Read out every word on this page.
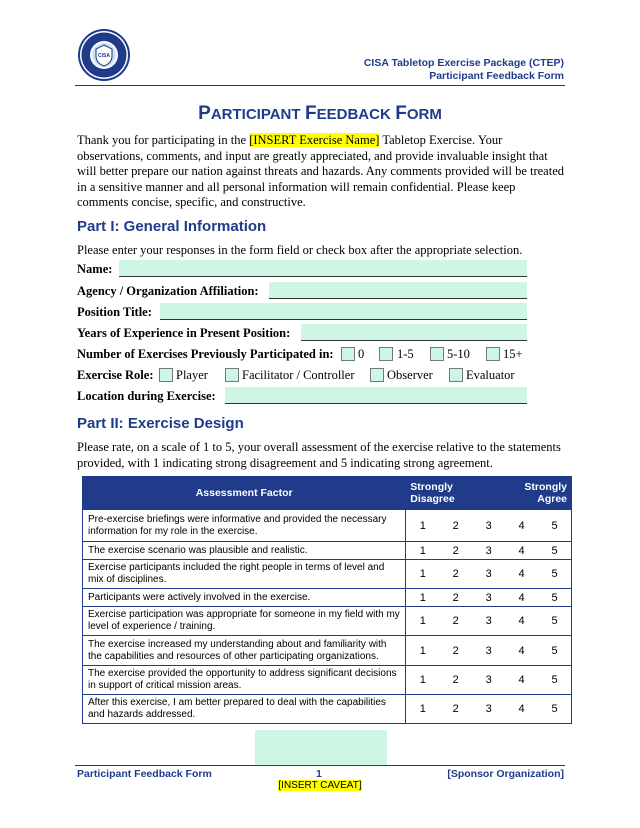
CISA
CISA Tabletop Exercise Package (CTEP)
Participant Feedback Form
PARTICIPANT FEEDBACK FORM
Thank you for participating in the [INSERT Exercise Name] Tabletop Exercise. Your observations, comments, and input are greatly appreciated, and provide invaluable insight that will better prepare our nation against threats and hazards. Any comments provided will be treated in a sensitive manner and all personal information will remain confidential. Please keep comments concise, specific, and constructive.
Part I: General Information
Please enter your responses in the form field or check box after the appropriate selection.
Name:
Agency / Organization Affiliation:
Position Title:
Years of Experience in Present Position:
Number of Exercises Previously Participated in: 0	1-5	5-10	15+
Exercise Role: Player	Facilitator / Controller	Observer	Evaluator
Location during Exercise:
Part II: Exercise Design
Please rate, on a scale of 1 to 5, your overall assessment of the exercise relative to the statements provided, with 1 indicating strong disagreement and 5 indicating strong agreement.
Assessment Factor	Strongly Disagree			Strongly Agree	
Pre-exercise briefings were informative and provided the necessary information for my role in the exercise.	1	2	3	4	5
The exercise scenario was plausible and realistic.	1	2	3	4	5
Exercise participants included the right people in terms of level and mix of disciplines.	1	2	3	4	5
Participants were actively involved in the exercise.	1	2	3	4	5
Exercise participation was appropriate for someone in my field with my level of experience / training.	1	2	3	4	5
The exercise increased my understanding about and familiarity with the capabilities and resources of other participating organizations.	1	2	3	4	5
The exercise provided the opportunity to address significant decisions in support of critical mission areas.	1	2	3	4	5
After this exercise, I am better prepared to deal with the capabilities and hazards addressed.	1	2	3	4	5
Participant Feedback Form	1	[Sponsor Organization]
[INSERT CAVEAT]
